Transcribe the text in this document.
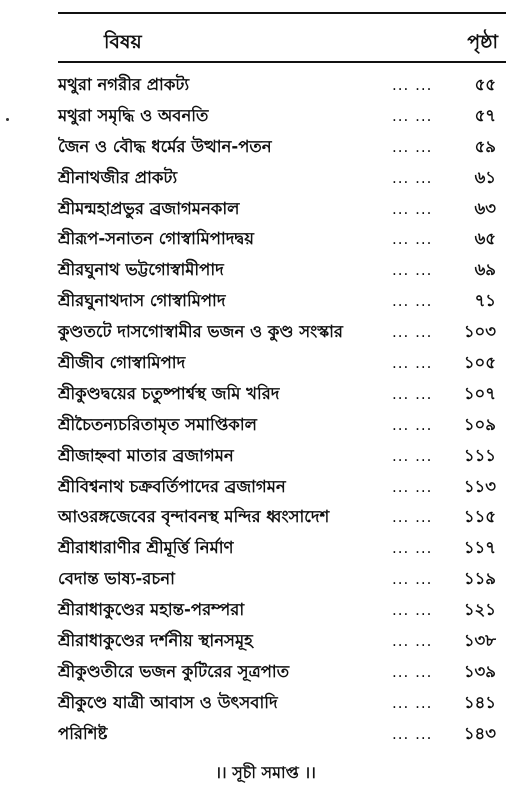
বিষয়	পৃষ্ঠা
মথুরা নগরীর প্রাকট্য	... ...	৫৫
মথুরা সমৃদ্ধি ও অবনতি	... ...	৫৭
জৈন ও বৌদ্ধ ধর্মের উত্থান-পতন	... ...	৫৯
শ্রীনাথজীর প্রাকট্য	... ...	৬১
শ্রীমন্মহাপ্রভুর ব্রজাগমনকাল	... ...	৬৩
শ্রীরূপ-সনাতন গোস্বামিপাদদ্বয়	... ...	৬৫
শ্রীরঘুনাথ ভট্টগোস্বামীপাদ	... ...	৬৯
শ্রীরঘুনাথদাস গোস্বামিপাদ	... ...	৭১
কুণ্ডতটে দাসগোস্বামীর ভজন ও কুণ্ড সংস্কার	... ... ১০৩
শ্রীজীব গোস্বামিপাদ	... ... ১০৫
শ্রীকুণ্ডদ্বয়ের চতুষ্পার্শ্বস্থ জমি খরিদ	... ... ১০৭
শ্রীচৈতন্যচরিতামৃত সমাপ্তিকাল	... ... ১০৯
শ্রীজাহ্নবা মাতার ব্রজাগমন	... ... ১১১
শ্রীবিশ্বনাথ চক্রবর্তিপাদের ব্রজাগমন	... ... ১১৩
আওরঙ্গজেবের বৃন্দাবনস্থ মন্দির ধ্বংসাদেশ	... ... ১১৫
শ্রীরাধারাণীর শ্রীমূর্ত্তি নির্মাণ	... ... ১১৭
বেদান্ত ভাষ্য-রচনা	... ... ১১৯
শ্রীরাধাকুণ্ডের মহান্ত-পরম্পরা	... ... ১২১
শ্রীরাধাকুণ্ডের দর্শনীয় স্থানসমূহ	... ... ১৩৮
শ্রীকুণ্ডতীরে ভজন কুটিরের সূত্রপাত	... ... ১৩৯
শ্রীকুণ্ডে যাত্রী আবাস ও উৎসবাদি	... ... ১৪১
পরিশিষ্ট	... ... ১৪৩
।। সূচী সমাপ্ত ।।
